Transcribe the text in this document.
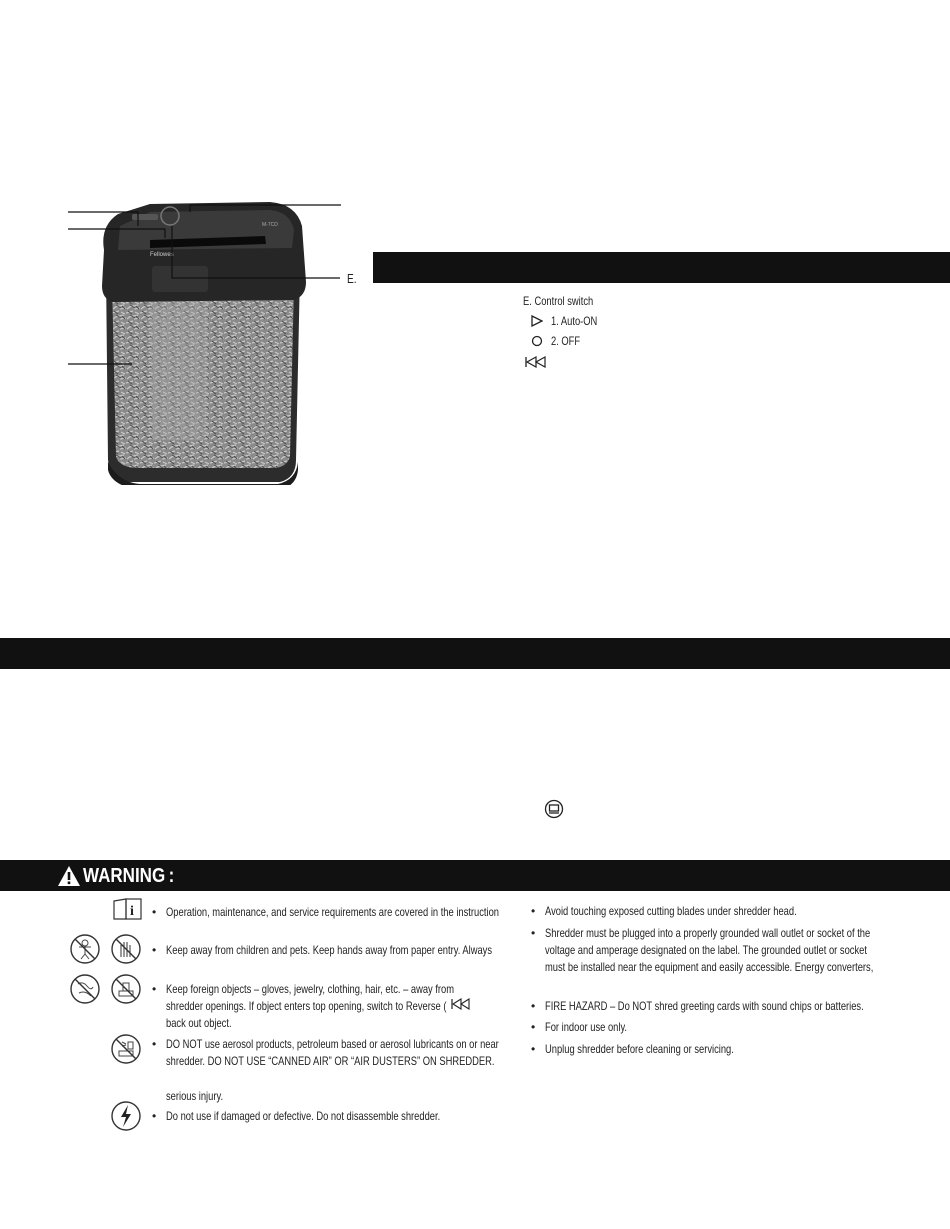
Fellowes
M-7CD
E.
E. Control switch
1. Auto-ON
2. OFF
WARNING :
i • Operation, maintenance, and service requirements are covered in the instruction
• Keep away from children and pets. Keep hands away from paper entry. Always
• Keep foreign objects – gloves, jewelry, clothing, hair, etc. – away from
shredder openings. If object enters top opening, switch to Reverse (
back out object.
• DO NOT use aerosol products, petroleum based or aerosol lubricants on or near
shredder. DO NOT USE “CANNED AIR” OR “AIR DUSTERS” ON SHREDDER.
serious injury.
• Do not use if damaged or defective. Do not disassemble shredder.
• Avoid touching exposed cutting blades under shredder head.
• Shredder must be plugged into a properly grounded wall outlet or socket of the
voltage and amperage designated on the label. The grounded outlet or socket
must be installed near the equipment and easily accessible. Energy converters,
• FIRE HAZARD – Do NOT shred greeting cards with sound chips or batteries.
• For indoor use only.
• Unplug shredder before cleaning or servicing.
